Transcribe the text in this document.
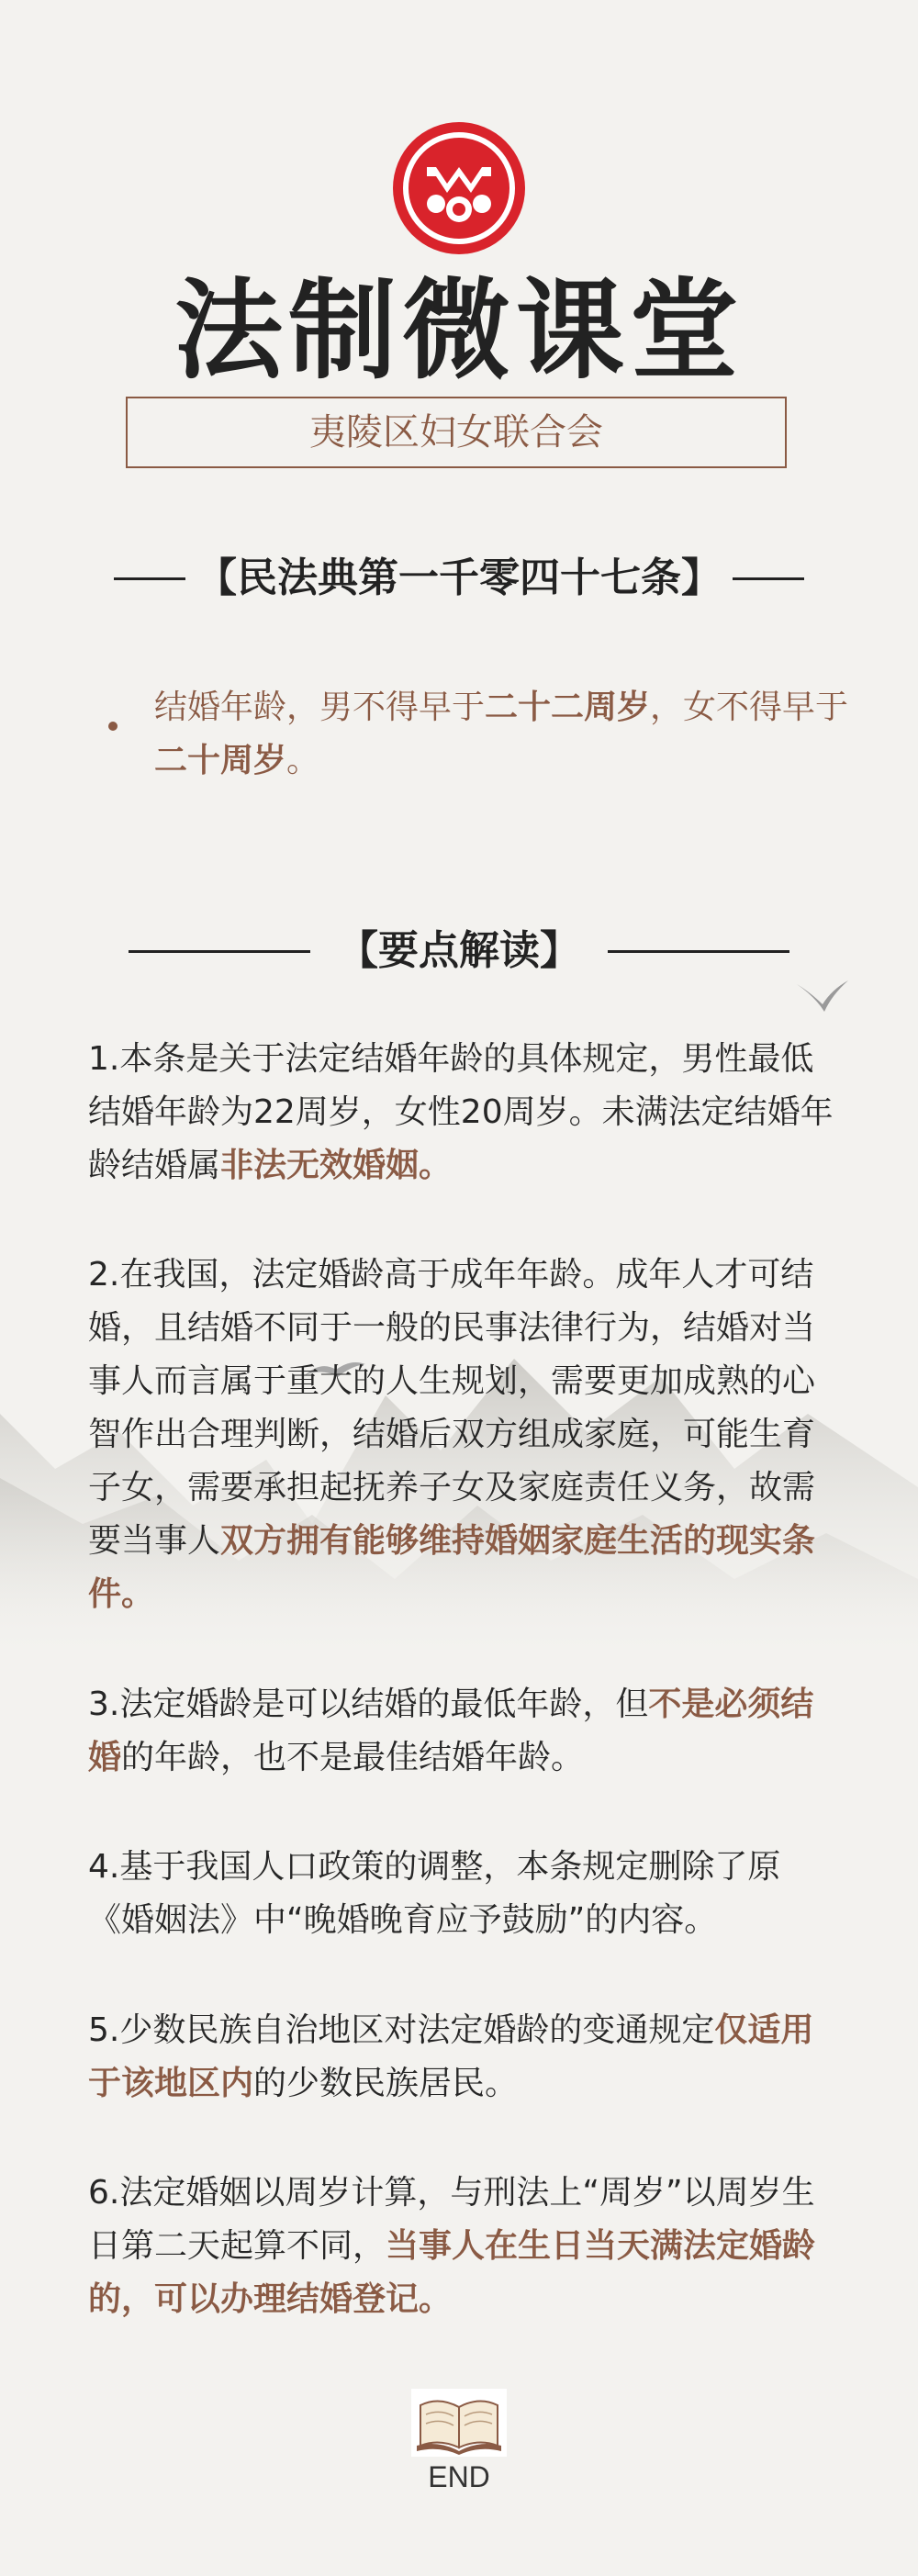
法制微课堂
夷陵区妇女联合会
【民法典第一千零四十七条】
结婚年龄，男不得早于二十二周岁，女不得早于二十周岁。
【要点解读】
1.本条是关于法定结婚年龄的具体规定，男性最低结婚年龄为22周岁，女性20周岁。未满法定结婚年龄结婚属非法无效婚姻。
2.在我国，法定婚龄高于成年年龄。成年人才可结婚，且结婚不同于一般的民事法律行为，结婚对当事人而言属于重大的人生规划，需要更加成熟的心智作出合理判断，结婚后双方组成家庭，可能生育子女，需要承担起抚养子女及家庭责任义务，故需要当事人双方拥有能够维持婚姻家庭生活的现实条件。
3.法定婚龄是可以结婚的最低年龄，但不是必须结婚的年龄，也不是最佳结婚年龄。
4.基于我国人口政策的调整，本条规定删除了原《婚姻法》中“晚婚晚育应予鼓励”的内容。
5.少数民族自治地区对法定婚龄的变通规定仅适用于该地区内的少数民族居民。
6.法定婚姻以周岁计算，与刑法上“周岁”以周岁生日第二天起算不同，当事人在生日当天满法定婚龄的，可以办理结婚登记。
END
